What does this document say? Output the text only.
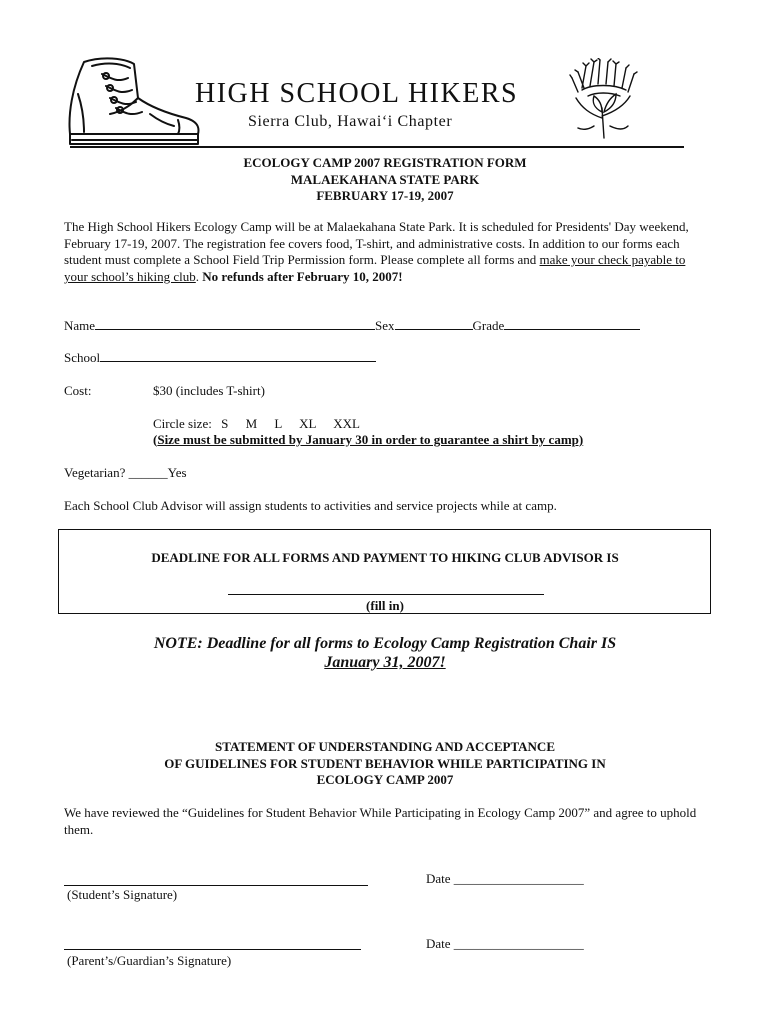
HIGH SCHOOL HIKERS
Sierra Club, Hawai‘i Chapter
ECOLOGY CAMP 2007 REGISTRATION FORM
MALAEKAHANA STATE PARK
FEBRUARY 17-19, 2007
The High School Hikers Ecology Camp will be at Malaekahana State Park. It is scheduled for Presidents' Day weekend, February 17-19, 2007. The registration fee covers food, T-shirt, and administrative costs. In addition to our forms each student must complete a School Field Trip Permission form. Please complete all forms and make your check payable to your school’s hiking club. No refunds after February 10, 2007!
Name	Sex	Grade
School
Cost:	$30 (includes T-shirt)
Circle size: S M L XL XXL
(Size must be submitted by January 30 in order to guarantee a shirt by camp)
Vegetarian? ______Yes
Each School Club Advisor will assign students to activities and service projects while at camp.
DEADLINE FOR ALL FORMS AND PAYMENT TO HIKING CLUB ADVISOR IS
(fill in)
NOTE: Deadline for all forms to Ecology Camp Registration Chair IS
January 31, 2007!
STATEMENT OF UNDERSTANDING AND ACCEPTANCE
OF GUIDELINES FOR STUDENT BEHAVIOR WHILE PARTICIPATING IN
ECOLOGY CAMP 2007
We have reviewed the “Guidelines for Student Behavior While Participating in Ecology Camp 2007” and agree to uphold them.
(Student’s Signature)
Date ____________________
(Parent’s/Guardian’s Signature)
Date ____________________
